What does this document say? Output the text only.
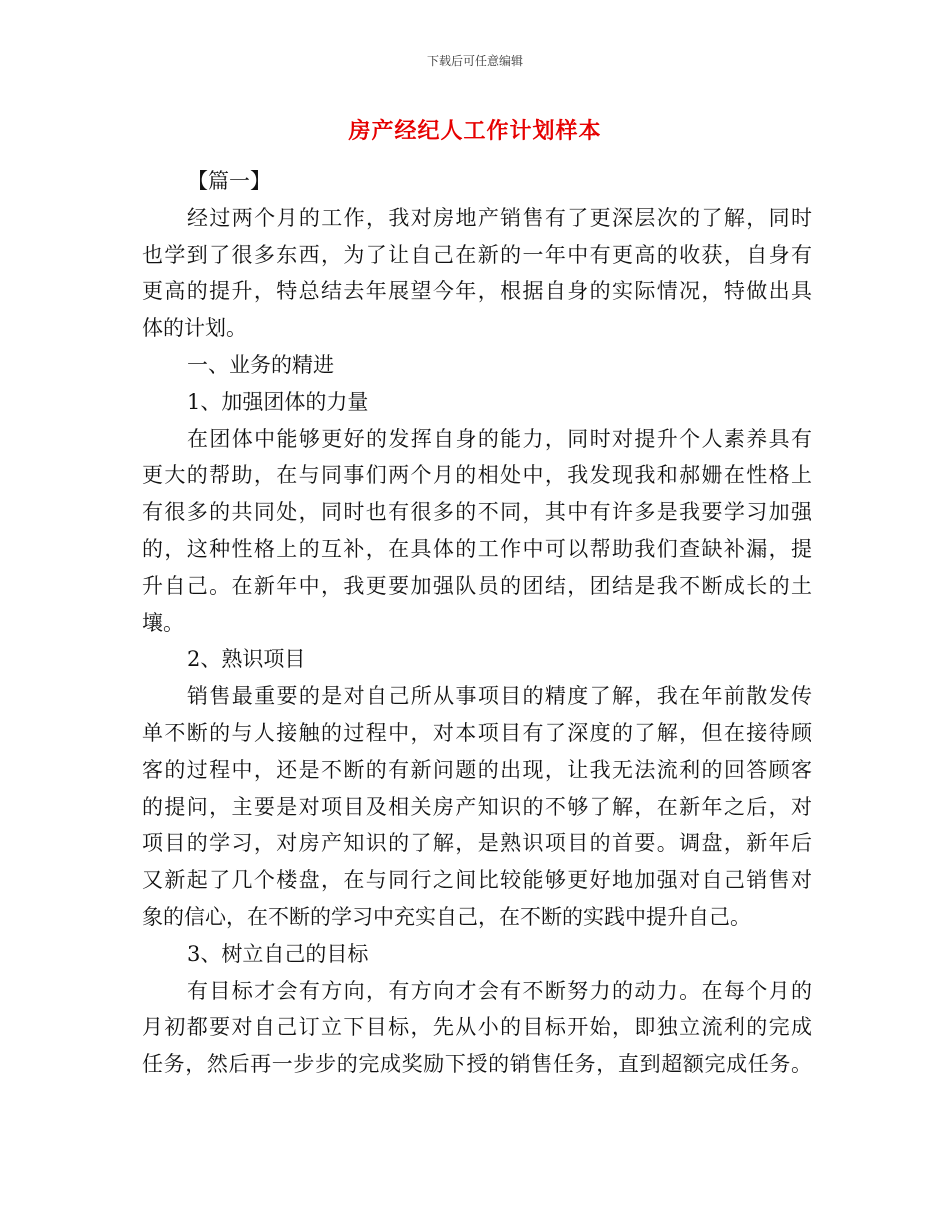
下载后可任意编辑
房产经纪人工作计划样本
【篇一】
经过两个月的工作，我对房地产销售有了更深层次的了解，同时
也学到了很多东西，为了让自己在新的一年中有更高的收获，自身有
更高的提升，特总结去年展望今年，根据自身的实际情况，特做出具
体的计划。
一、业务的精进
1、加强团体的力量
在团体中能够更好的发挥自身的能力，同时对提升个人素养具有
更大的帮助，在与同事们两个月的相处中，我发现我和郝姗在性格上
有很多的共同处，同时也有很多的不同，其中有许多是我要学习加强
的，这种性格上的互补，在具体的工作中可以帮助我们查缺补漏，提
升自己。在新年中，我更要加强队员的团结，团结是我不断成长的土
壤。
2、熟识项目
销售最重要的是对自己所从事项目的精度了解，我在年前散发传
单不断的与人接触的过程中，对本项目有了深度的了解，但在接待顾
客的过程中，还是不断的有新问题的出现，让我无法流利的回答顾客
的提问，主要是对项目及相关房产知识的不够了解，在新年之后，对
项目的学习，对房产知识的了解，是熟识项目的首要。调盘，新年后
又新起了几个楼盘，在与同行之间比较能够更好地加强对自己销售对
象的信心，在不断的学习中充实自己，在不断的实践中提升自己。
3、树立自己的目标
有目标才会有方向，有方向才会有不断努力的动力。在每个月的
月初都要对自己订立下目标，先从小的目标开始，即独立流利的完成
任务，然后再一步步的完成奖励下授的销售任务，直到超额完成任务。
